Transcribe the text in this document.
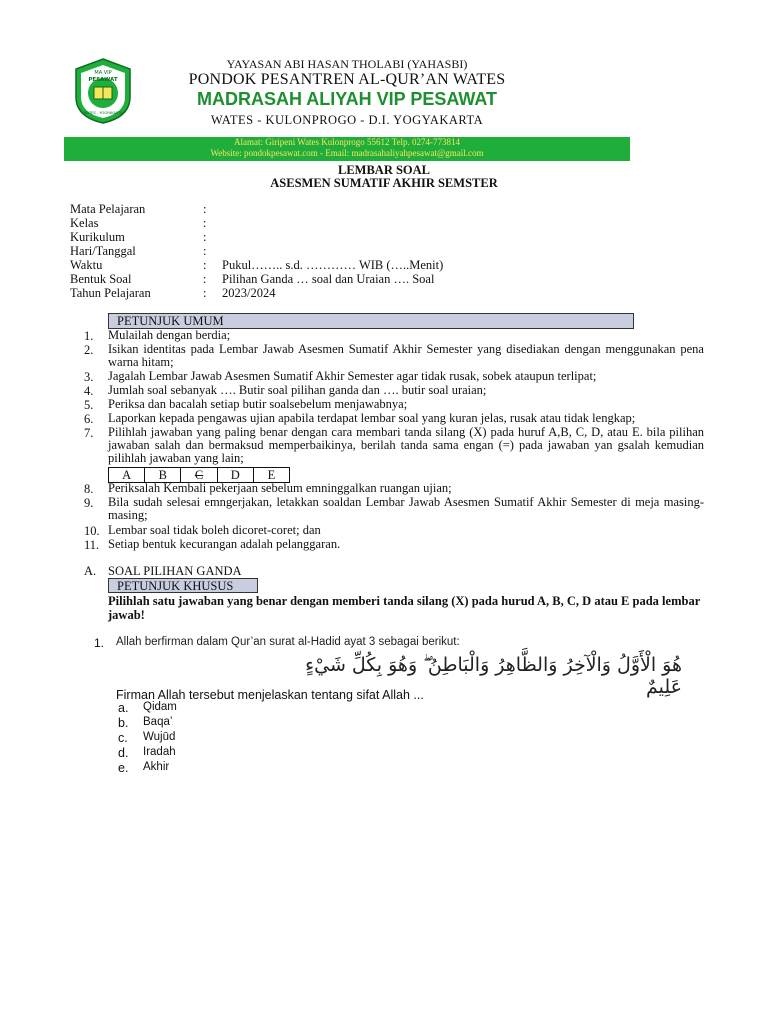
YAYASAN ABI HASAN THOLABI (YAHASBI)
PONDOK PESANTREN AL-QUR’AN WATES
MADRASAH ALIYAH VIP PESAWAT
WATES - KULONPROGO - D.I. YOGYAKARTA
Alamat: Giripeni Wates Kulonprogo 55612 Telp. 0274-773814
Website: pondokpesawat.com - Email: madrasahaliyahpesawat@gmail.com
MA VIP
PESAWAT
WATES - YOGYAKARTA
LEMBAR SOAL
ASESMEN SUMATIF AKHIR SEMSTER
Mata Pelajaran	:
Kelas	:
Kurikulum	:
Hari/Tanggal	:
Waktu	: Pukul…….. s.d. ………… WIB (…..Menit)
Bentuk Soal	: Pilihan Ganda … soal dan Uraian …. Soal
Tahun Pelajaran	: 2023/2024
PETUNJUK UMUM
1.	Mulailah dengan berdia;
2.	Isikan identitas pada Lembar Jawab Asesmen Sumatif Akhir Semester yang disediakan dengan menggunakan pena warna hitam;
3.	Jagalah Lembar Jawab Asesmen Sumatif Akhir Semester agar tidak rusak, sobek ataupun terlipat;
4.	Jumlah soal sebanyak …. Butir soal pilihan ganda dan …. butir soal uraian;
5.	Periksa dan bacalah setiap butir soalsebelum menjawabnya;
6.	Laporkan kepada pengawas ujian apabila terdapat lembar soal yang kuran jelas, rusak atau tidak lengkap;
7.	Pilihlah jawaban yang paling benar dengan cara membari tanda silang (X) pada huruf A,B, C, D, atau E. bila pilihan jawaban salah dan bermaksud memperbaikinya, berilah tanda sama engan (=) pada jawaban yan gsalah kemudian pilihlah jawaban yang lain;
8.	Periksalah Kembali pekerjaan sebelum emninggalkan ruangan ujian;
9.	Bila sudah selesai emngerjakan, letakkan soaldan Lembar Jawab Asesmen Sumatif Akhir Semester di meja masing-masing;
10. Lembar soal tidak boleh dicoret-coret; dan
11. Setiap bentuk kecurangan adalah pelanggaran.
A	B	C	D	E
A. SOAL PILIHAN GANDA
PETUNJUK KHUSUS
Pilihlah satu jawaban yang benar dengan memberi tanda silang (X) pada hurud A, B, C, D atau E pada lembar jawab!
1. Allah berfirman dalam Qur’an surat al-Hadid ayat 3 sebagai berikut:
هُوَ الْأَوَّلُ وَالْآخِرُ وَالظَّاهِرُ وَالْبَاطِنُ ۖ وَهُوَ بِكُلِّ شَيْءٍ عَلِيمٌ
Firman Allah tersebut menjelaskan tentang sifat Allah ...
a. Qidam
b. Baqa’
c. Wujūd
d. Iradah
e. Akhir
